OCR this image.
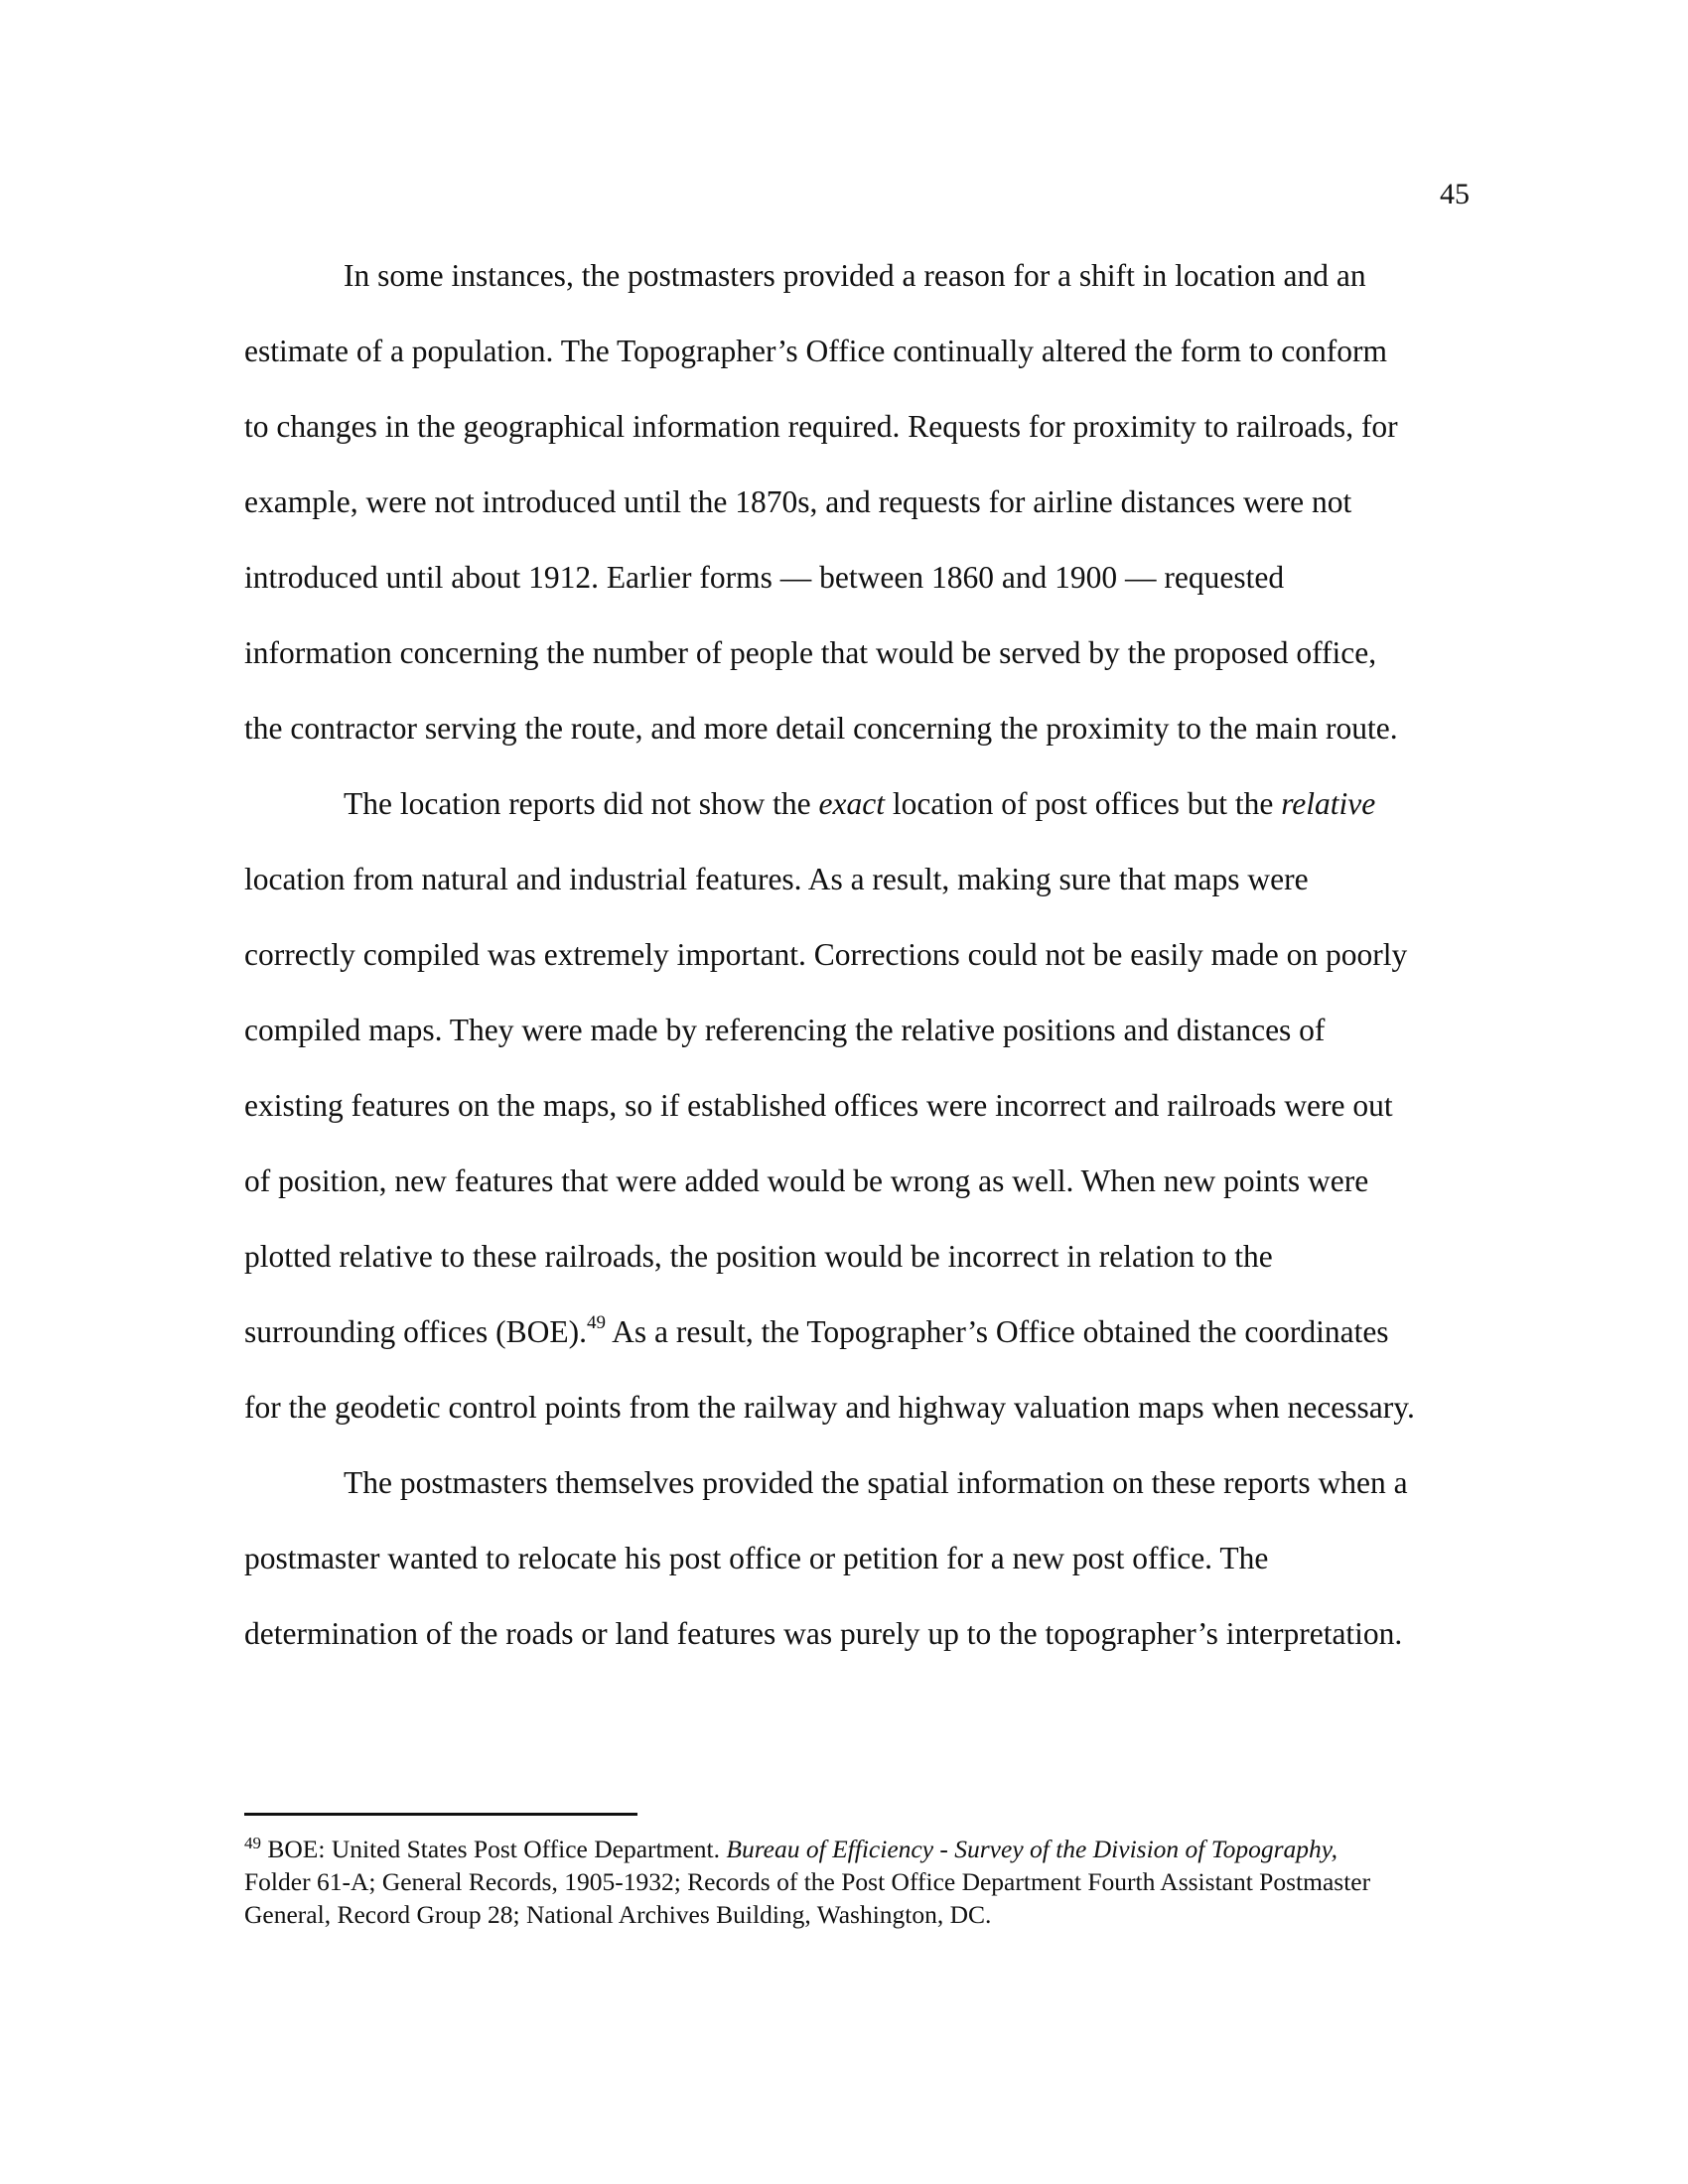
45
In some instances, the postmasters provided a reason for a shift in location and an
estimate of a population. The Topographer’s Office continually altered the form to conform
to changes in the geographical information required. Requests for proximity to railroads, for
example, were not introduced until the 1870s, and requests for airline distances were not
introduced until about 1912. Earlier forms — between 1860 and 1900 — requested
information concerning the number of people that would be served by the proposed office,
the contractor serving the route, and more detail concerning the proximity to the main route.
The location reports did not show the exact location of post offices but the relative
location from natural and industrial features. As a result, making sure that maps were
correctly compiled was extremely important. Corrections could not be easily made on poorly
compiled maps. They were made by referencing the relative positions and distances of
existing features on the maps, so if established offices were incorrect and railroads were out
of position, new features that were added would be wrong as well. When new points were
plotted relative to these railroads, the position would be incorrect in relation to the
surrounding offices (BOE).$^{49}$ As a result, the Topographer’s Office obtained the coordinates
for the geodetic control points from the railway and highway valuation maps when necessary.
The postmasters themselves provided the spatial information on these reports when a
postmaster wanted to relocate his post office or petition for a new post office. The
determination of the roads or land features was purely up to the topographer’s interpretation.
$^{49}$ BOE: United States Post Office Department. Bureau of Efficiency - Survey of the Division of Topography,
Folder 61-A; General Records, 1905-1932; Records of the Post Office Department Fourth Assistant Postmaster
General, Record Group 28; National Archives Building, Washington, DC.
